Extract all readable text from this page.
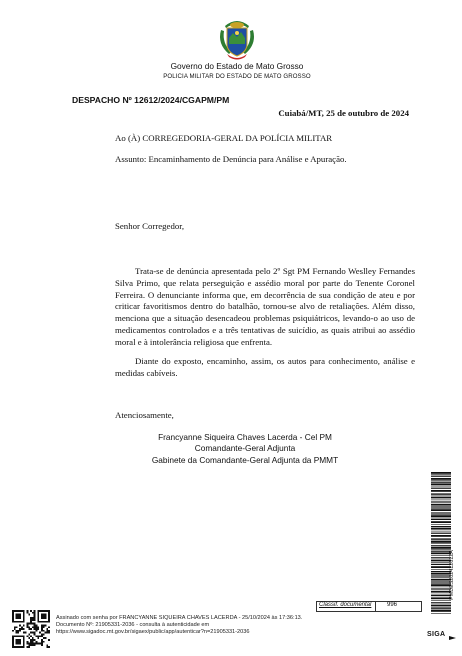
Governo do Estado de Mato Grosso
POLICIA MILITAR DO ESTADO DE MATO GROSSO
DESPACHO Nº 12612/2024/CGAPM/PM
Cuiabá/MT, 25 de outubro de 2024
Ao (À) CORREGEDORIA-GERAL DA POLÍCIA MILITAR
Assunto: Encaminhamento de Denúncia para Análise e Apuração.
Senhor Corregedor,
Trata-se de denúncia apresentada pelo 2º Sgt PM Fernando Weslley Fernandes Silva Primo, que relata perseguição e assédio moral por parte do Tenente Coronel Ferreira. O denunciante informa que, em decorrência de sua condição de ateu e por criticar favoritismos dentro do batalhão, tornou-se alvo de retaliações. Além disso, menciona que a situação desencadeou problemas psiquiátricos, levando-o ao uso de medicamentos controlados e a três tentativas de suicídio, as quais atribui ao assédio moral e à intolerância religiosa que enfrenta.
Diante do exposto, encaminho, assim, os autos para conhecimento, análise e medidas cabíveis.
Atenciosamente,
Francyanne Siqueira Chaves Lacerda - Cel PM
Comandante-Geral Adjunta
Gabinete da Comandante-Geral Adjunta da PMMT
PMDES202412612A
Classif. documental	996
Assinado com senha por FRANCYANNE SIQUEIRA CHAVES LACERDA - 25/10/2024 às 17:36:13.
Documento Nº: 21905331-2036 - consulta à autenticidade em
https://www.sigadoc.mt.gov.br/sigaex/public/app/autenticar?n=21905331-2036	SIGA
